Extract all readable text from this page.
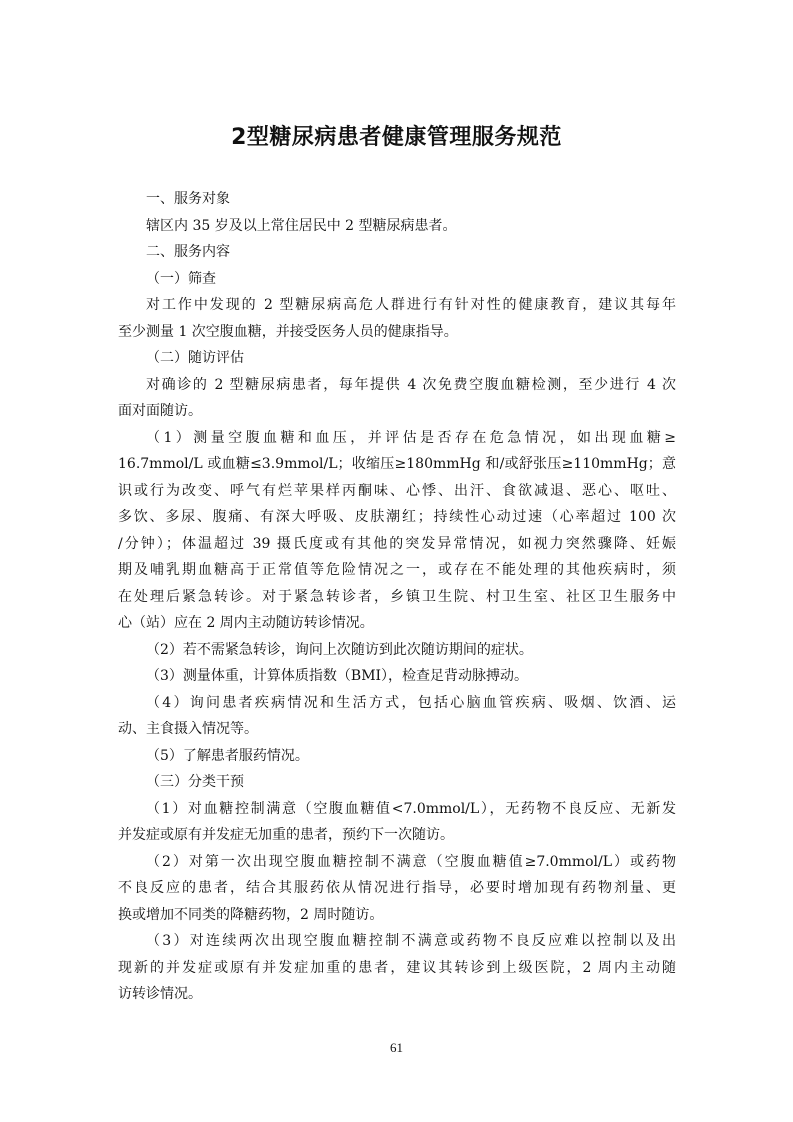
2型糖尿病患者健康管理服务规范
一、服务对象
辖区内 35 岁及以上常住居民中 2 型糖尿病患者。
二、服务内容
（一）筛查
对工作中发现的 2 型糖尿病高危人群进行有针对性的健康教育，建议其每年
至少测量 1 次空腹血糖，并接受医务人员的健康指导。
（二）随访评估
对确诊的 2 型糖尿病患者，每年提供 4 次免费空腹血糖检测，至少进行 4 次
面对面随访。
（1）测量空腹血糖和血压，并评估是否存在危急情况，如出现血糖≥
16.7mmol/L 或血糖≤3.9mmol/L；收缩压≥180mmHg 和/或舒张压≥110mmHg；意
识或行为改变、呼气有烂苹果样丙酮味、心悸、出汗、食欲减退、恶心、呕吐、
多饮、多尿、腹痛、有深大呼吸、皮肤潮红；持续性心动过速（心率超过 100 次
/分钟）；体温超过 39 摄氏度或有其他的突发异常情况，如视力突然骤降、妊娠
期及哺乳期血糖高于正常值等危险情况之一，或存在不能处理的其他疾病时，须
在处理后紧急转诊。对于紧急转诊者，乡镇卫生院、村卫生室、社区卫生服务中
心（站）应在 2 周内主动随访转诊情况。
（2）若不需紧急转诊，询问上次随访到此次随访期间的症状。
（3）测量体重，计算体质指数（BMI），检查足背动脉搏动。
（4）询问患者疾病情况和生活方式，包括心脑血管疾病、吸烟、饮酒、运
动、主食摄入情况等。
（5）了解患者服药情况。
（三）分类干预
（1）对血糖控制满意（空腹血糖值<7.0mmol/L），无药物不良反应、无新发
并发症或原有并发症无加重的患者，预约下一次随访。
（2）对第一次出现空腹血糖控制不满意（空腹血糖值≥7.0mmol/L）或药物
不良反应的患者，结合其服药依从情况进行指导，必要时增加现有药物剂量、更
换或增加不同类的降糖药物，2 周时随访。
（3）对连续两次出现空腹血糖控制不满意或药物不良反应难以控制以及出
现新的并发症或原有并发症加重的患者，建议其转诊到上级医院，2 周内主动随
访转诊情况。
61
